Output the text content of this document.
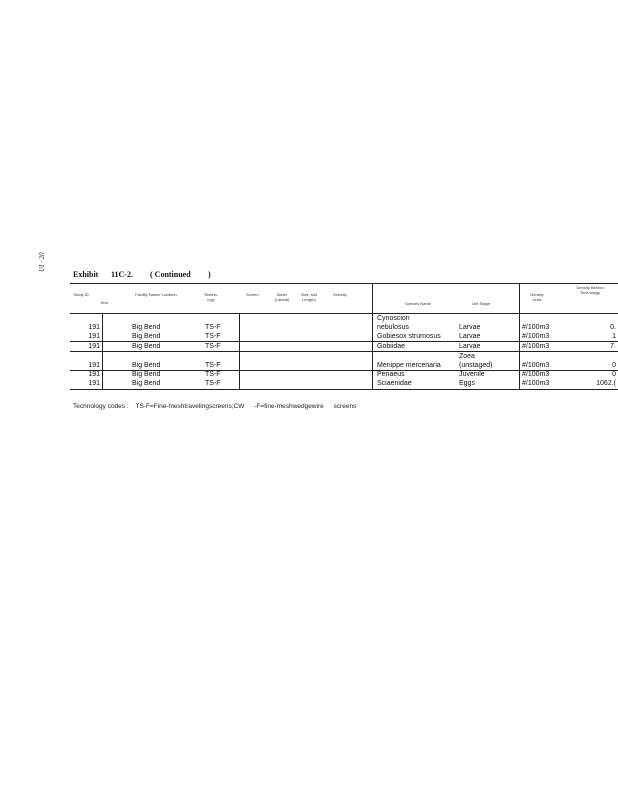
UI · 20
Exhibit	11C-2.	( Continued	)
Study ID
Year
Facility Name/ Location	Techno-logy
Screen	Mesh (Lateral)
Size, slot Length)
Velocity
Species Name	Life Stage
Density Units
Density Behind Technology
Cynoscion
191	Big Bend	TS-F	nebulosus	Larvae	#/100m3	0.
191	Big Bend	TS-F	Gobiesox strumosus	Larvae	#/100m3	1
191	Big Bend	TS-F	Gobiidae	Larvae	#/100m3	7.
Zoea
191	Big Bend	TS-F	Menippe mercenaria	(unstaged)	#/100m3	0
191	Big Bend	TS-F	Penaeus	Juvenile	#/100m3	0
191	Big Bend	TS-F	Sciaenidae	Eggs	#/100m3	1062.(
Technology codes : TS-F=Fine-meshtravelingscreens;CW -F=fine-meshwedgewire screens
